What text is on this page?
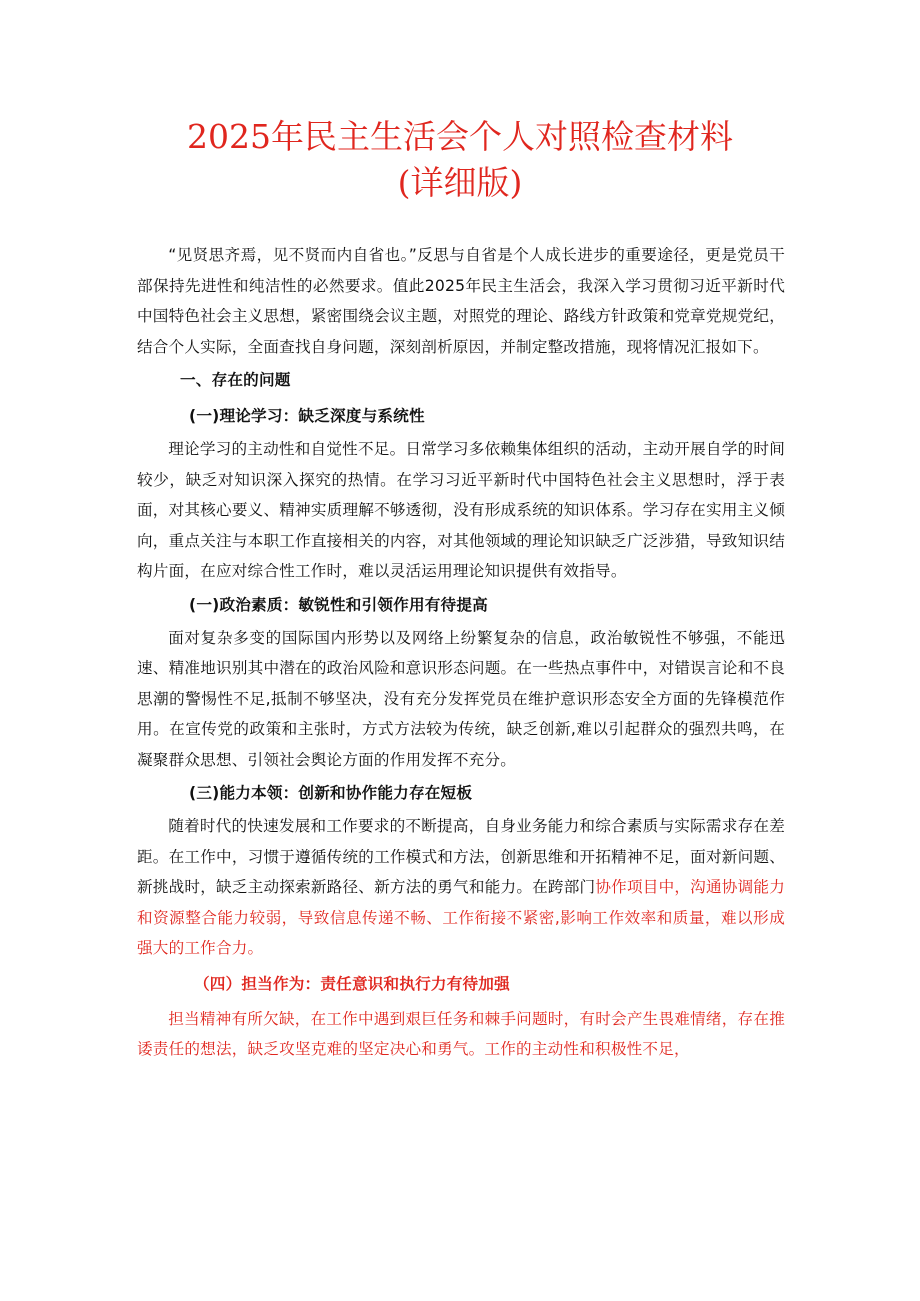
2025年民主生活会个人对照检查材料
(详细版)

“见贤思齐焉，见不贤而内自省也。”反思与自省是个人成长进步的重要途径，更是党员干部保持先进性和纯洁性的必然要求。值此2025年民主生活会，我深入学习贯彻习近平新时代中国特色社会主义思想，紧密围绕会议主题，对照党的理论、路线方针政策和党章党规党纪，结合个人实际，全面查找自身问题，深刻剖析原因，并制定整改措施，现将情况汇报如下。

一、存在的问题

(一)理论学习：缺乏深度与系统性

理论学习的主动性和自觉性不足。日常学习多依赖集体组织的活动，主动开展自学的时间较少，缺乏对知识深入探究的热情。在学习习近平新时代中国特色社会主义思想时，浮于表面，对其核心要义、精神实质理解不够透彻，没有形成系统的知识体系。学习存在实用主义倾向，重点关注与本职工作直接相关的内容，对其他领域的理论知识缺乏广泛涉猎，导致知识结构片面，在应对综合性工作时，难以灵活运用理论知识提供有效指导。

(一)政治素质：敏锐性和引领作用有待提高

面对复杂多变的国际国内形势以及网络上纷繁复杂的信息，政治敏锐性不够强，不能迅速、精准地识别其中潜在的政治风险和意识形态问题。在一些热点事件中，对错误言论和不良思潮的警惕性不足,抵制不够坚决，没有充分发挥党员在维护意识形态安全方面的先锋模范作用。在宣传党的政策和主张时，方式方法较为传统，缺乏创新,难以引起群众的强烈共鸣，在凝聚群众思想、引领社会舆论方面的作用发挥不充分。

(三)能力本领：创新和协作能力存在短板

随着时代的快速发展和工作要求的不断提高，自身业务能力和综合素质与实际需求存在差距。在工作中，习惯于遵循传统的工作模式和方法，创新思维和开拓精神不足，面对新问题、新挑战时，缺乏主动探索新路径、新方法的勇气和能力。在跨部门协作项目中，沟通协调能力和资源整合能力较弱，导致信息传递不畅、工作衔接不紧密,影响工作效率和质量，难以形成强大的工作合力。

（四）担当作为：责任意识和执行力有待加强

担当精神有所欠缺，在工作中遇到艰巨任务和棘手问题时，有时会产生畏难情绪，存在推诿责任的想法，缺乏攻坚克难的坚定决心和勇气。工作的主动性和积极性不足，
